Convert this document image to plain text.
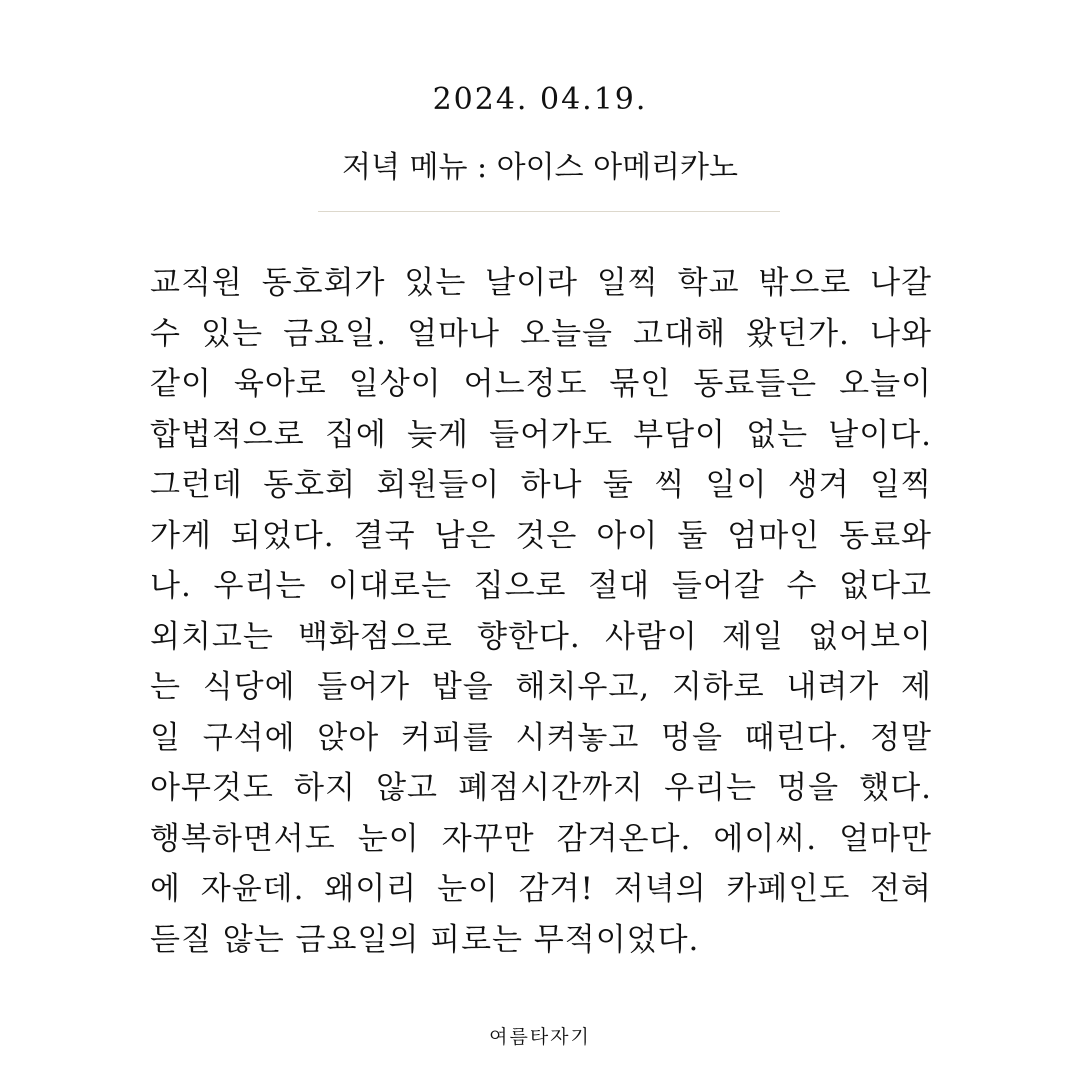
2024. 04.19.
저녁 메뉴 : 아이스 아메리카노
교직원 동호회가 있는 날이라 일찍 학교 밖으로 나갈
수 있는 금요일. 얼마나 오늘을 고대해 왔던가. 나와
같이 육아로 일상이 어느정도 묶인 동료들은 오늘이
합법적으로 집에 늦게 들어가도 부담이 없는 날이다.
그런데 동호회 회원들이 하나 둘 씩 일이 생겨 일찍
가게 되었다. 결국 남은 것은 아이 둘 엄마인 동료와
나. 우리는 이대로는 집으로 절대 들어갈 수 없다고
외치고는 백화점으로 향한다. 사람이 제일 없어보이
는 식당에 들어가 밥을 해치우고, 지하로 내려가 제
일 구석에 앉아 커피를 시켜놓고 멍을 때린다. 정말
아무것도 하지 않고 폐점시간까지 우리는 멍을 했다.
행복하면서도 눈이 자꾸만 감겨온다. 에이씨. 얼마만
에 자윤데. 왜이리 눈이 감겨! 저녁의 카페인도 전혀
듣질 않는 금요일의 피로는 무적이었다.
여름타자기
